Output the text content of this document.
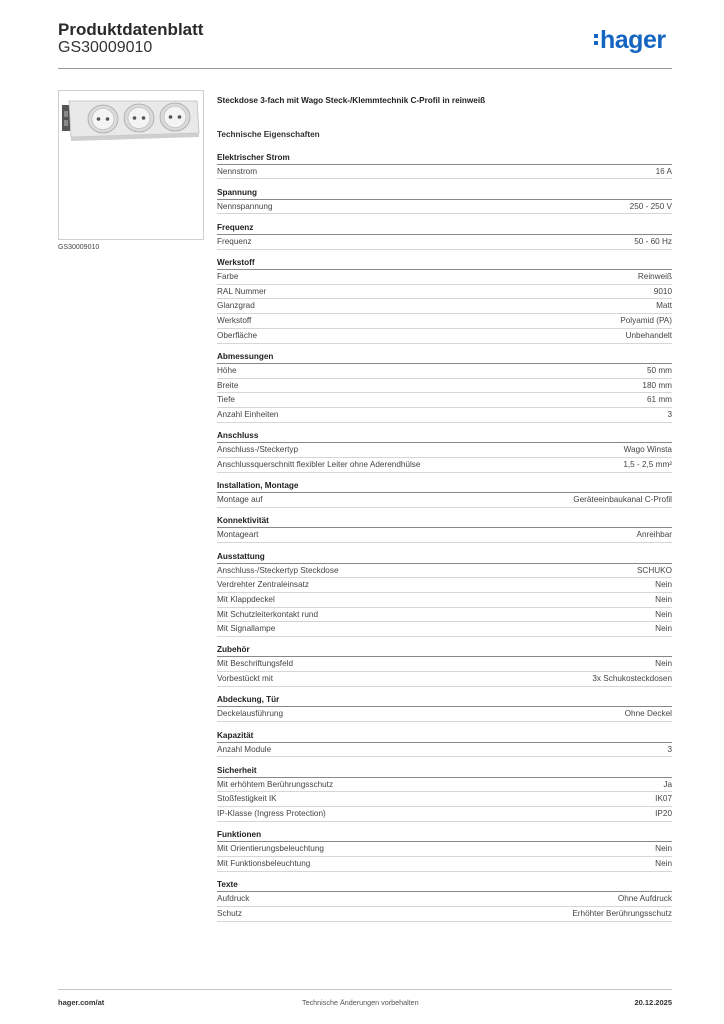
Produktdatenblatt
GS30009010	hager
GS30009010
Steckdose 3-fach mit Wago Steck-/Klemmtechnik C-Profil in reinweiß
Technische Eigenschaften
Elektrischer Strom
Nennstrom	16 A
Spannung
Nennspannung	250 - 250 V
Frequenz
Frequenz	50 - 60 Hz
Werkstoff
Farbe	Reinweiß
RAL Nummer	9010
Glanzgrad	Matt
Werkstoff	Polyamid (PA)
Oberfläche	Unbehandelt
Abmessungen
Höhe	50 mm
Breite	180 mm
Tiefe	61 mm
Anzahl Einheiten	3
Anschluss
Anschluss-/Steckertyp	Wago Winsta
Anschlussquerschnitt flexibler Leiter ohne Aderendhülse	1,5 - 2,5 mm²
Installation, Montage
Montage auf	Geräteeinbaukanal C-Profil
Konnektivität
Montageart	Anreihbar
Ausstattung
Anschluss-/Steckertyp Steckdose	SCHUKO
Verdrehter Zentraleinsatz	Nein
Mit Klappdeckel	Nein
Mit Schutzleiterkontakt rund	Nein
Mit Signallampe	Nein
Zubehör
Mit Beschriftungsfeld	Nein
Vorbestückt mit	3x Schukosteckdosen
Abdeckung, Tür
Deckelausführung	Ohne Deckel
Kapazität
Anzahl Module	3
Sicherheit
Mit erhöhtem Berührungsschutz	Ja
Stoßfestigkeit IK	IK07
IP-Klasse (Ingress Protection)	IP20
Funktionen
Mit Orientierungsbeleuchtung	Nein
Mit Funktionsbeleuchtung	Nein
Texte
Aufdruck	Ohne Aufdruck
Schutz	Erhöhter Berührungsschutz
hager.com/at	Technische Änderungen vorbehalten	20.12.2025
